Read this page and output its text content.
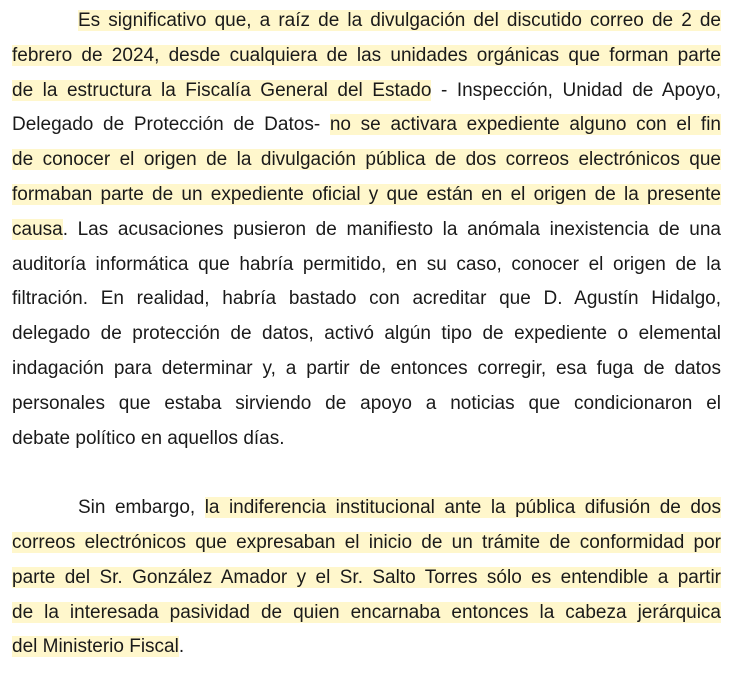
Es significativo que, a raíz de la divulgación del discutido correo de 2 de
febrero de 2024, desde cualquiera de las unidades orgánicas que forman parte
de la estructura la Fiscalía General del Estado - Inspección, Unidad de Apoyo,
Delegado de Protección de Datos- no se activara expediente alguno con el fin
de conocer el origen de la divulgación pública de dos correos electrónicos que
formaban parte de un expediente oficial y que están en el origen de la presente
causa. Las acusaciones pusieron de manifiesto la anómala inexistencia de una
auditoría informática que habría permitido, en su caso, conocer el origen de la
filtración. En realidad, habría bastado con acreditar que D. Agustín Hidalgo,
delegado de protección de datos, activó algún tipo de expediente o elemental
indagación para determinar y, a partir de entonces corregir, esa fuga de datos
personales que estaba sirviendo de apoyo a noticias que condicionaron el
debate político en aquellos días.
Sin embargo, la indiferencia institucional ante la pública difusión de dos
correos electrónicos que expresaban el inicio de un trámite de conformidad por
parte del Sr. González Amador y el Sr. Salto Torres sólo es entendible a partir
de la interesada pasividad de quien encarnaba entonces la cabeza jerárquica
del Ministerio Fiscal.
